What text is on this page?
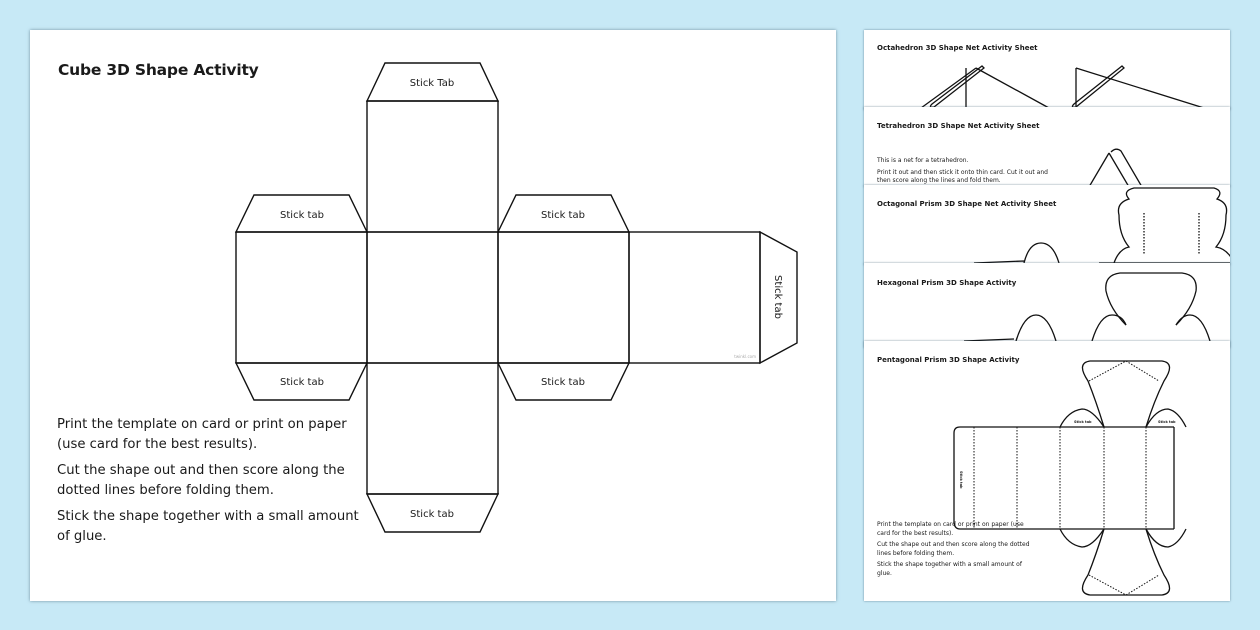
Cube 3D Shape Activity
Stick Tab
Stick tab	Stick tab
Stick tab	Stick tab
Stick tab
Stick tab
twinkl.com

Print the template on card or print on paper (use card for the best results).

Cut the shape out and then score along the dotted lines before folding them.

Stick the shape together with a small amount of glue.

Octahedron 3D Shape Net Activity Sheet
Tetrahedron 3D Shape Net Activity Sheet

This is a net for a tetrahedron.

Print it out and then stick it onto thin card. Cut it out and then score along the lines and fold them.

Octagonal Prism 3D Shape Net Activity Sheet
Hexagonal Prism 3D Shape Activity
Pentagonal Prism 3D Shape Activity
Stick tab
Stick tab	Stick tab

Print the template on card or print on paper (use card for the best results).

Cut the shape out and then score along the dotted lines before folding them.

Stick the shape together with a small amount of glue.
